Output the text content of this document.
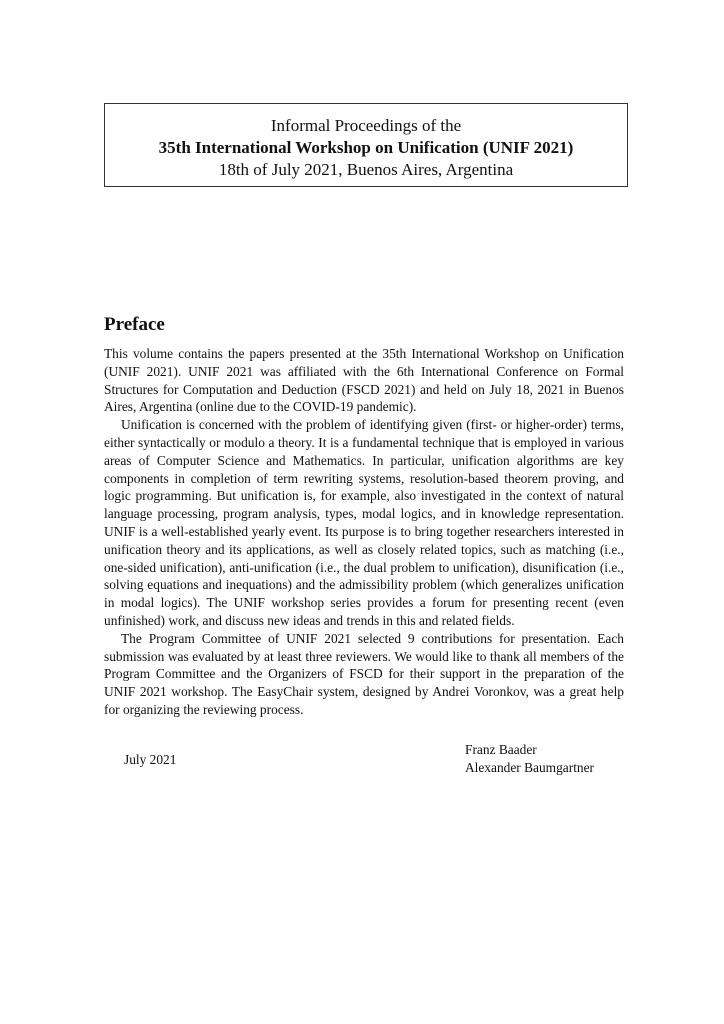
Informal Proceedings of the
35th International Workshop on Unification (UNIF 2021)
18th of July 2021, Buenos Aires, Argentina
Preface

This volume contains the papers presented at the 35th International Workshop on Unification (UNIF 2021). UNIF 2021 was affiliated with the 6th International Conference on Formal Structures for Computation and Deduction (FSCD 2021) and held on July 18, 2021 in Buenos Aires, Argentina (online due to the COVID-19 pandemic).

Unification is concerned with the problem of identifying given (first- or higher-order) terms, either syntactically or modulo a theory. It is a fundamental technique that is employed in various areas of Computer Science and Mathematics. In particular, unification algorithms are key components in completion of term rewriting systems, resolution-based theorem proving, and logic programming. But unification is, for example, also investigated in the context of natural language processing, program analysis, types, modal logics, and in knowledge representation. UNIF is a well-established yearly event. Its purpose is to bring together researchers interested in unification theory and its applications, as well as closely related topics, such as matching (i.e., one-sided unification), anti-unification (i.e., the dual problem to unification), disunification (i.e., solving equations and inequations) and the admissibility problem (which generalizes unification in modal logics). The UNIF workshop series provides a forum for presenting recent (even unfinished) work, and discuss new ideas and trends in this and related fields.

The Program Committee of UNIF 2021 selected 9 contributions for presentation. Each submission was evaluated by at least three reviewers. We would like to thank all members of the Program Committee and the Organizers of FSCD for their support in the preparation of the UNIF 2021 workshop. The EasyChair system, designed by Andrei Voronkov, was a great help for organizing the reviewing process.

July 2021
Franz Baader
Alexander Baumgartner
